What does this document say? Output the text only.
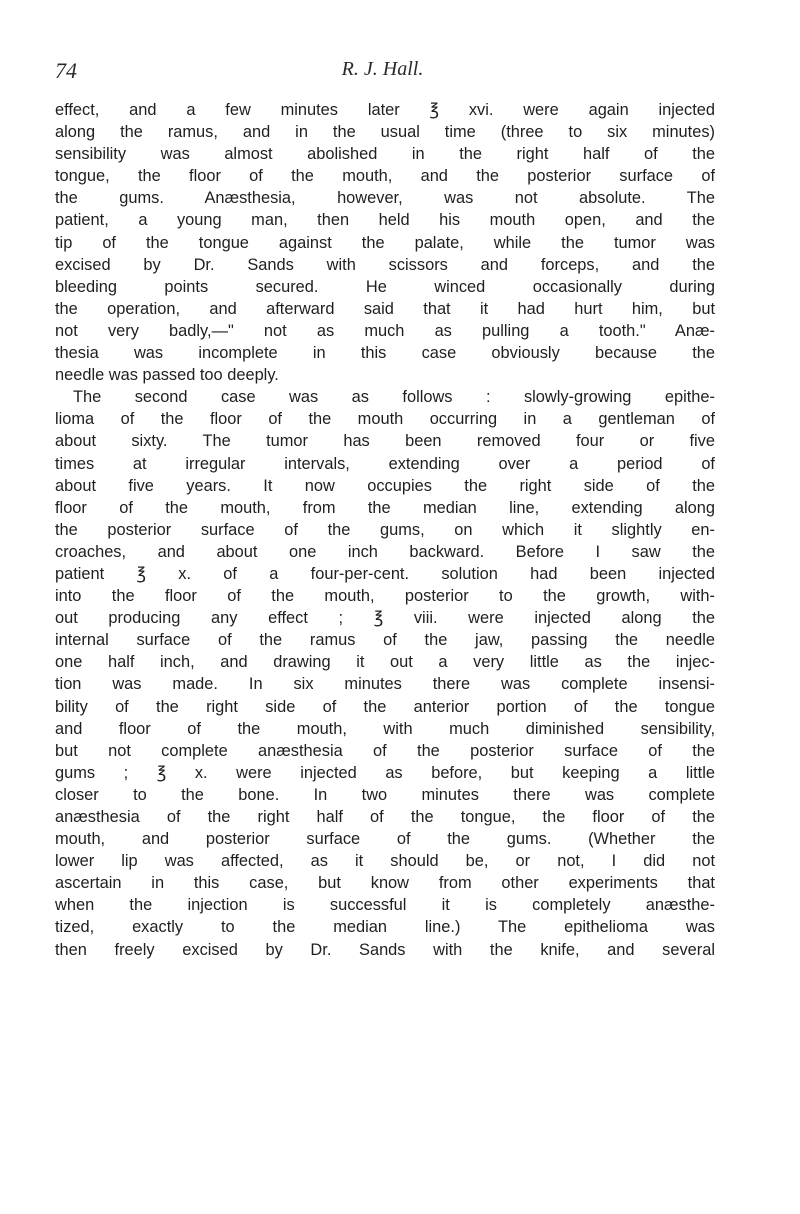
74	R. J. Hall.
effect, and a few minutes later ℥ xvi. were again injected
along the ramus, and in the usual time (three to six minutes)
sensibility was almost abolished in the right half of the
tongue, the floor of the mouth, and the posterior surface of
the gums. Anæsthesia, however, was not absolute. The
patient, a young man, then held his mouth open, and the
tip of the tongue against the palate, while the tumor was
excised by Dr. Sands with scissors and forceps, and the
bleeding points secured. He winced occasionally during
the operation, and afterward said that it had hurt him, but
not very badly,—" not as much as pulling a tooth." Anæ-
thesia was incomplete in this case obviously because the
needle was passed too deeply.
The second case was as follows : slowly-growing epithe-
lioma of the floor of the mouth occurring in a gentleman of
about sixty. The tumor has been removed four or five
times at irregular intervals, extending over a period of
about five years. It now occupies the right side of the
floor of the mouth, from the median line, extending along
the posterior surface of the gums, on which it slightly en-
croaches, and about one inch backward. Before I saw the
patient ℥ x. of a four-per-cent. solution had been injected
into the floor of the mouth, posterior to the growth, with-
out producing any effect ; ℥ viii. were injected along the
internal surface of the ramus of the jaw, passing the needle
one half inch, and drawing it out a very little as the injec-
tion was made. In six minutes there was complete insensi-
bility of the right side of the anterior portion of the tongue
and floor of the mouth, with much diminished sensibility,
but not complete anæsthesia of the posterior surface of the
gums ; ℥ x. were injected as before, but keeping a little
closer to the bone. In two minutes there was complete
anæsthesia of the right half of the tongue, the floor of the
mouth, and posterior surface of the gums. (Whether the
lower lip was affected, as it should be, or not, I did not
ascertain in this case, but know from other experiments that
when the injection is successful it is completely anæsthe-
tized, exactly to the median line.) The epithelioma was
then freely excised by Dr. Sands with the knife, and several
